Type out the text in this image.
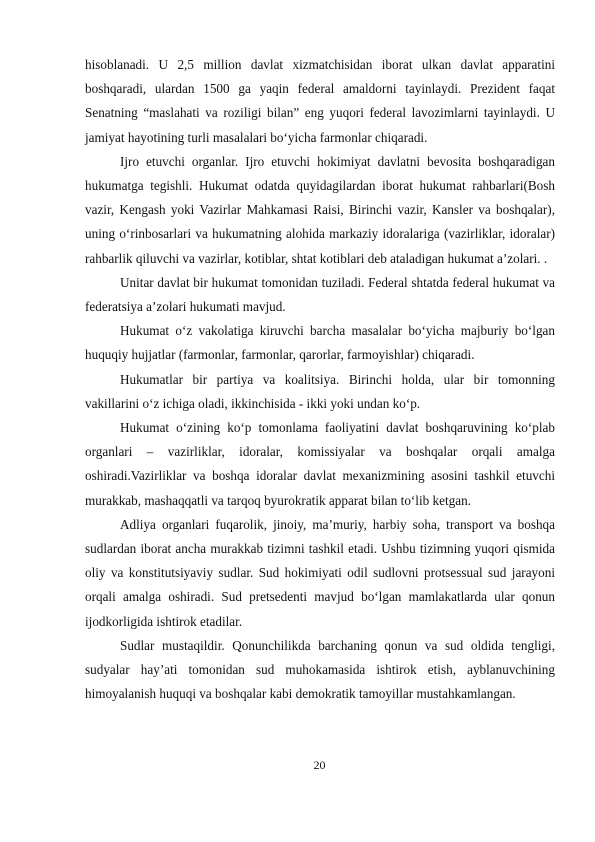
hisoblanadi. U 2,5 million davlat xizmatchisidan iborat ulkan davlat apparatini boshqaradi, ulardan 1500 ga yaqin federal amaldorni tayinlaydi. Prezident faqat Senatning “maslahati va roziligi bilan” eng yuqori federal lavozimlarni tayinlaydi. U jamiyat hayotining turli masalalari bo‘yicha farmonlar chiqaradi.

Ijro etuvchi organlar. Ijro etuvchi hokimiyat davlatni bevosita boshqaradigan hukumatga tegishli. Hukumat odatda quyidagilardan iborat hukumat rahbarlari(Bosh vazir, Kengash yoki Vazirlar Mahkamasi Raisi, Birinchi vazir, Kansler va boshqalar), uning o‘rinbosarlari va hukumatning alohida markaziy idoralariga (vazirliklar, idoralar) rahbarlik qiluvchi va vazirlar, kotiblar, shtat kotiblari deb ataladigan hukumat a’zolari. .

Unitar davlat bir hukumat tomonidan tuziladi. Federal shtatda federal hukumat va federatsiya a’zolari hukumati mavjud.

Hukumat o‘z vakolatiga kiruvchi barcha masalalar bo‘yicha majburiy bo‘lgan huquqiy hujjatlar (farmonlar, farmonlar, qarorlar, farmoyishlar) chiqaradi.

Hukumatlar bir partiya va koalitsiya. Birinchi holda, ular bir tomonning vakillarini o‘z ichiga oladi, ikkinchisida - ikki yoki undan ko‘p.

Hukumat o‘zining ko‘p tomonlama faoliyatini davlat boshqaruvining ko‘plab organlari – vazirliklar, idoralar, komissiyalar va boshqalar orqali amalga oshiradi.Vazirliklar va boshqa idoralar davlat mexanizmining asosini tashkil etuvchi murakkab, mashaqqatli va tarqoq byurokratik apparat bilan to‘lib ketgan.

Adliya organlari fuqarolik, jinoiy, ma’muriy, harbiy soha, transport va boshqa sudlardan iborat ancha murakkab tizimni tashkil etadi. Ushbu tizimning yuqori qismida oliy va konstitutsiyaviy sudlar. Sud hokimiyati odil sudlovni protsessual sud jarayoni orqali amalga oshiradi. Sud pretsedenti mavjud bo‘lgan mamlakatlarda ular qonun ijodkorligida ishtirok etadilar.

Sudlar mustaqildir. Qonunchilikda barchaning qonun va sud oldida tengligi, sudyalar hay’ati tomonidan sud muhokamasida ishtirok etish, ayblanuvchining himoyalanish huquqi va boshqalar kabi demokratik tamoyillar mustahkamlangan.

20
